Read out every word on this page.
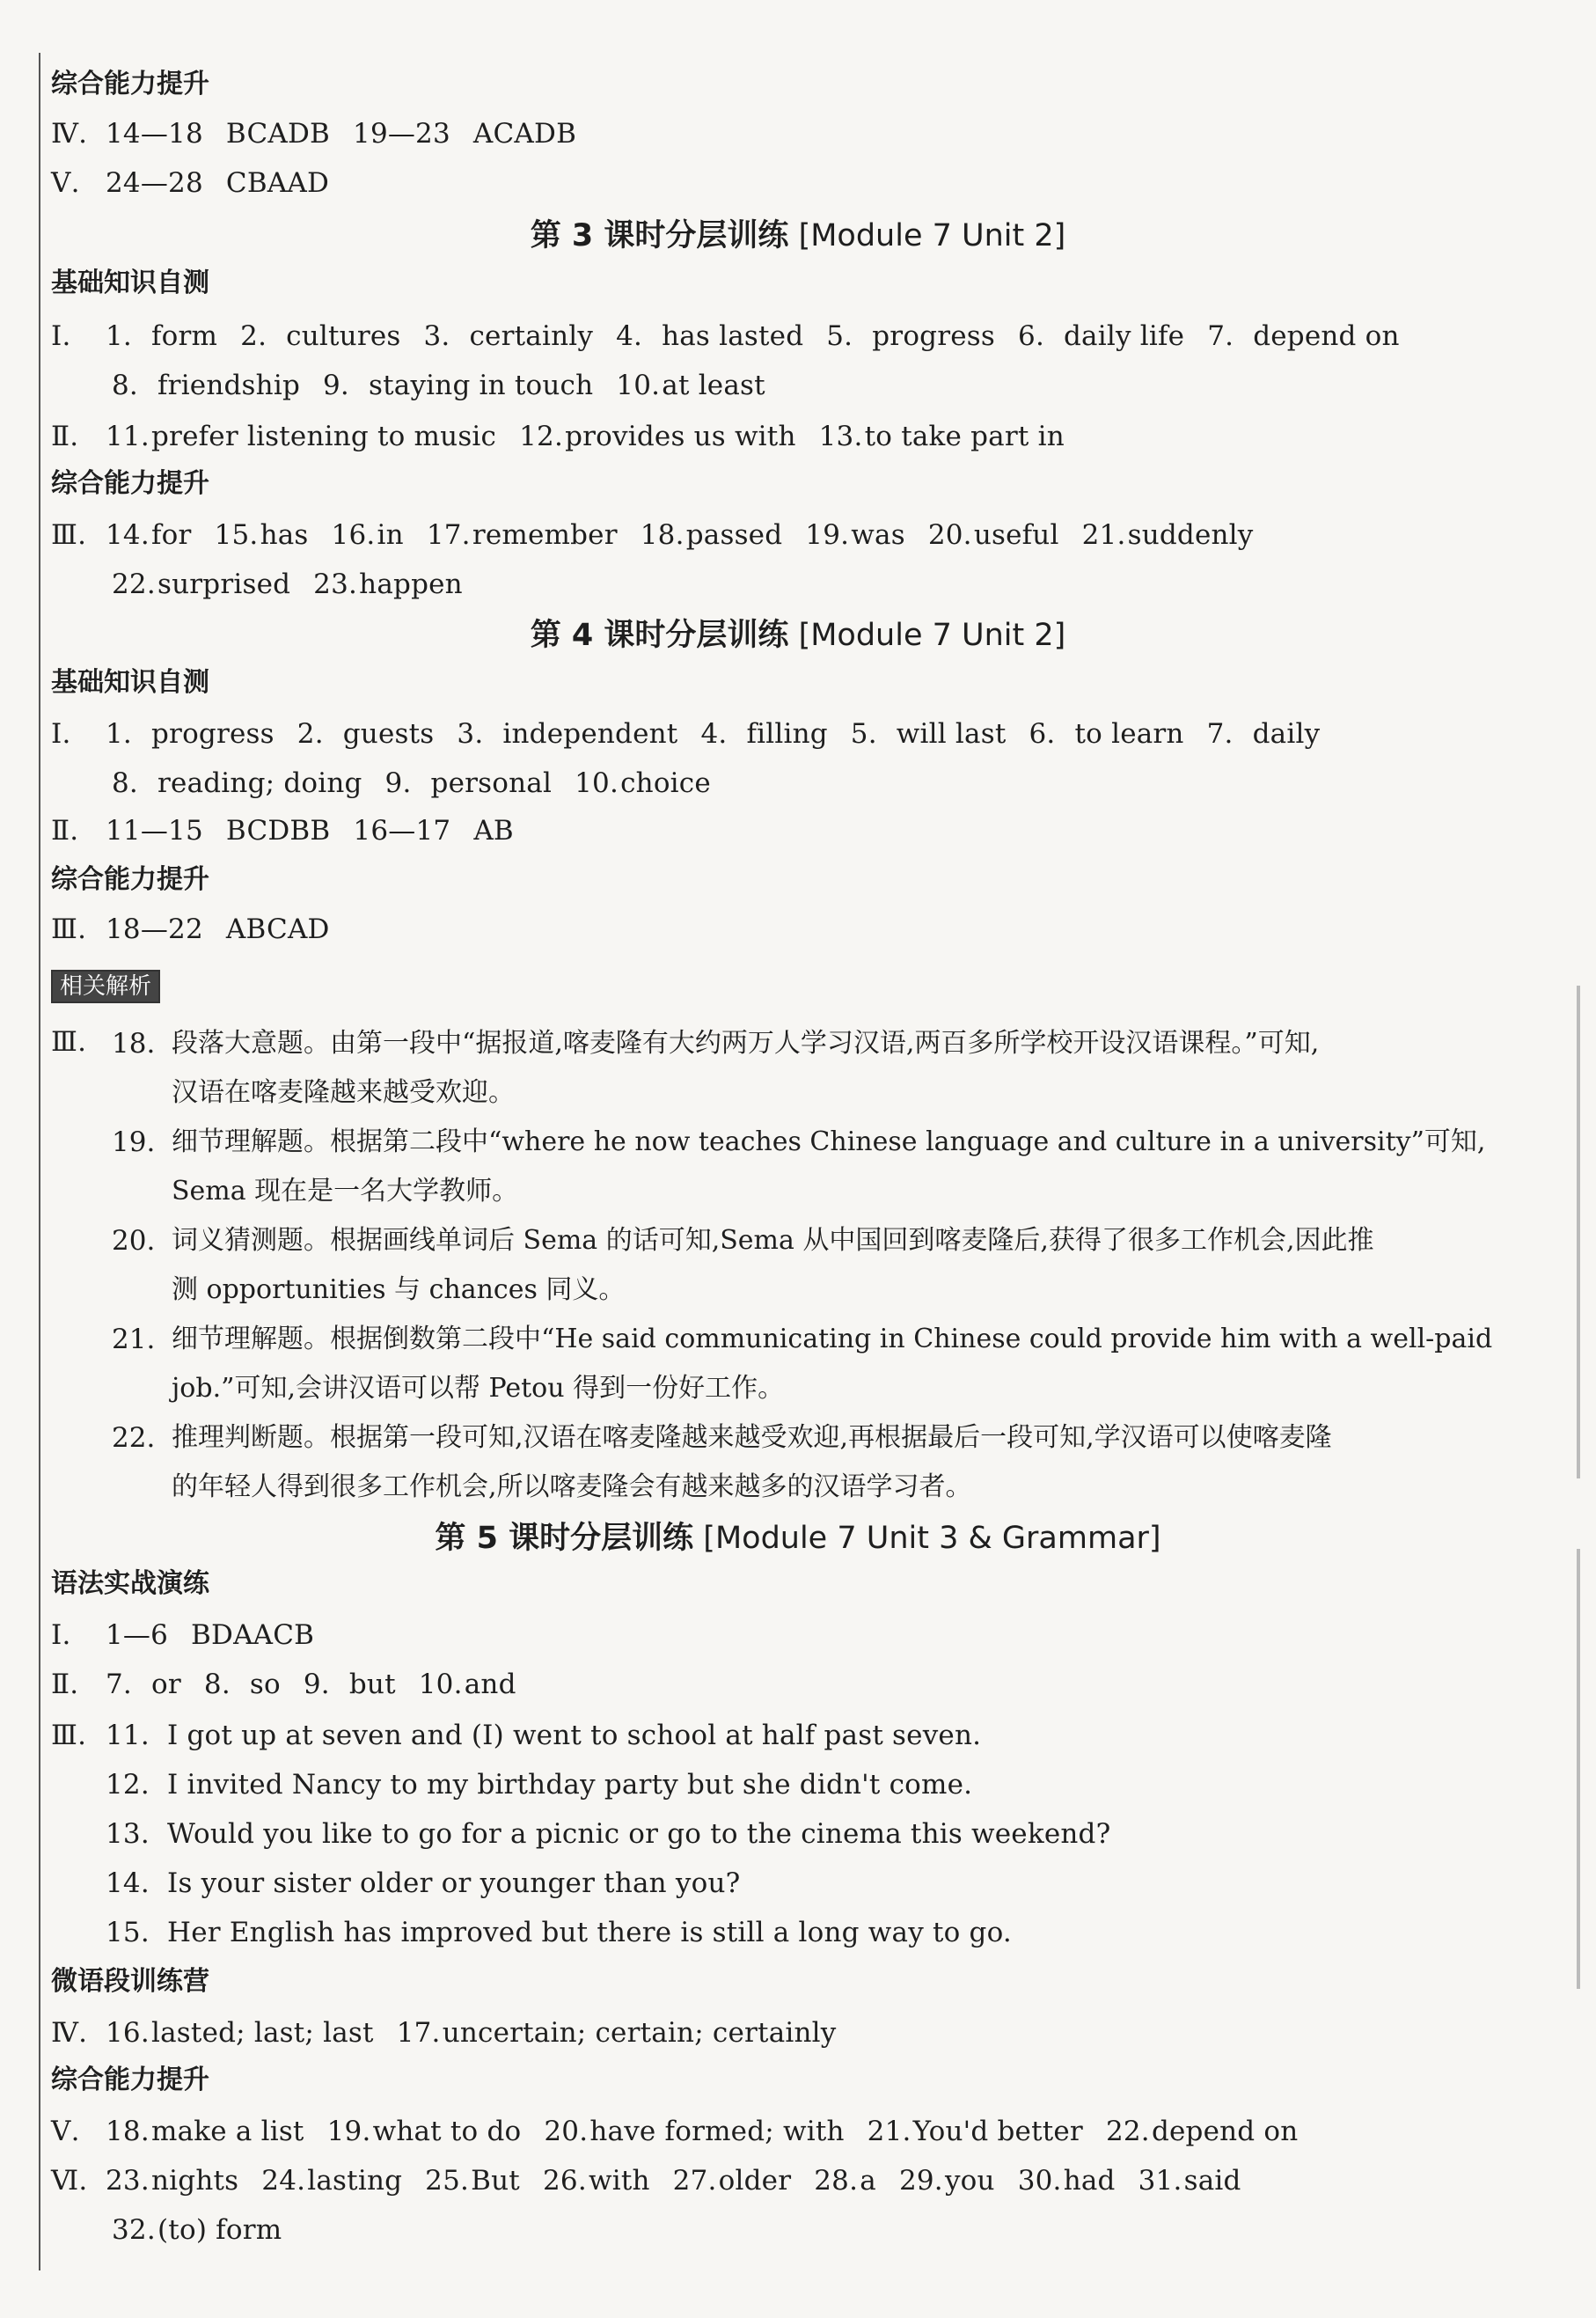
综合能力提升
Ⅳ. 14—18 BCADB 19—23 ACADB
Ⅴ. 24—28 CBAAD
第 3 课时分层训练 [Module 7 Unit 2]
基础知识自测
Ⅰ. 1. form 2. cultures 3. certainly 4. has lasted 5. progress 6. daily life 7. depend on
8. friendship 9. staying in touch 10.at least
Ⅱ. 11.prefer listening to music 12.provides us with 13.to take part in
综合能力提升
Ⅲ. 14.for 15.has 16.in 17.remember 18.passed 19.was 20.useful 21.suddenly
22.surprised 23.happen
第 4 课时分层训练 [Module 7 Unit 2]
基础知识自测
Ⅰ. 1. progress 2. guests 3. independent 4. filling 5. will last 6. to learn 7. daily
8. reading; doing 9. personal 10.choice
Ⅱ. 11—15 BCDBB 16—17 AB
综合能力提升
Ⅲ. 18—22 ABCAD
相关解析
Ⅲ. 18. 段落大意题。由第一段中“据报道,喀麦隆有大约两万人学习汉语,两百多所学校开设汉语课程。”可知,
汉语在喀麦隆越来越受欢迎。
19. 细节理解题。根据第二段中“where he now teaches Chinese language and culture in a university”可知,
Sema 现在是一名大学教师。
20. 词义猜测题。根据画线单词后 Sema 的话可知,Sema 从中国回到喀麦隆后,获得了很多工作机会,因此推
测 opportunities 与 chances 同义。
21. 细节理解题。根据倒数第二段中“He said communicating in Chinese could provide him with a well-paid
job.”可知,会讲汉语可以帮 Petou 得到一份好工作。
22. 推理判断题。根据第一段可知,汉语在喀麦隆越来越受欢迎,再根据最后一段可知,学汉语可以使喀麦隆
的年轻人得到很多工作机会,所以喀麦隆会有越来越多的汉语学习者。
第 5 课时分层训练 [Module 7 Unit 3 & Grammar]
语法实战演练
Ⅰ. 1—6 BDAACB
Ⅱ. 7. or 8. so 9. but 10.and
Ⅲ. 11. I got up at seven and (I) went to school at half past seven.
12. I invited Nancy to my birthday party but she didn't come.
13. Would you like to go for a picnic or go to the cinema this weekend?
14. Is your sister older or younger than you?
15. Her English has improved but there is still a long way to go.
微语段训练营
Ⅳ. 16.lasted; last; last 17.uncertain; certain; certainly
综合能力提升
Ⅴ. 18.make a list 19.what to do 20.have formed; with 21.You'd better 22.depend on
Ⅵ. 23.nights 24.lasting 25.But 26.with 27.older 28.a 29.you 30.had 31.said
32.(to) form
